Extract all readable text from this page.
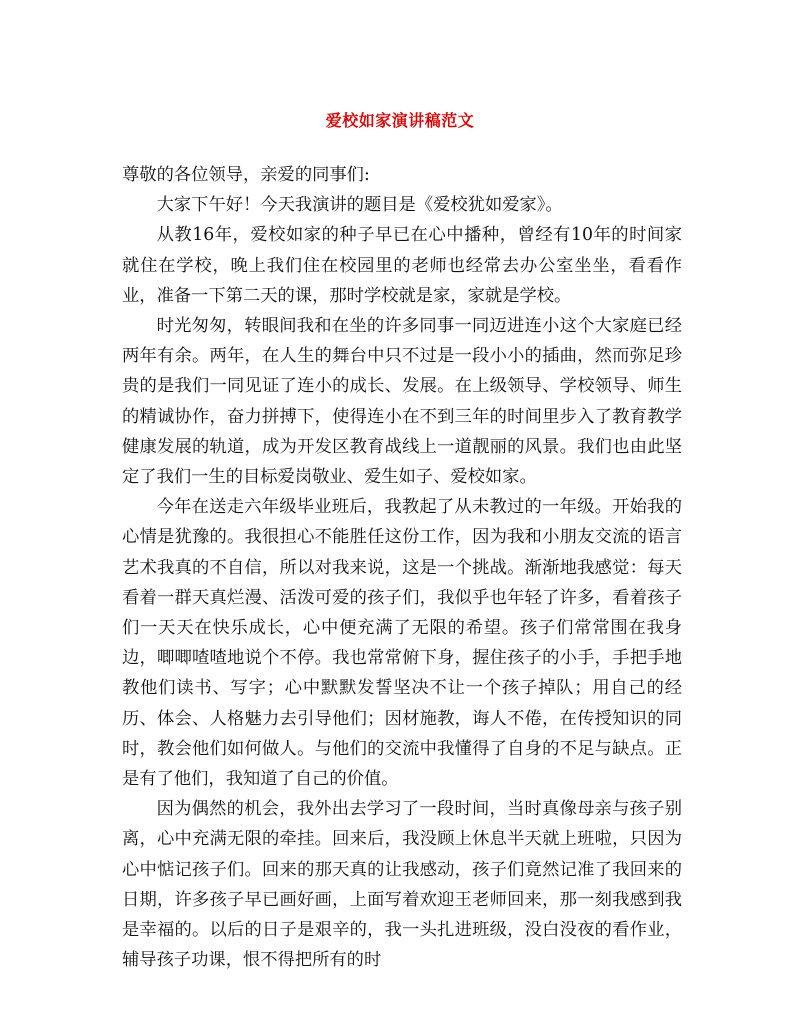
爱校如家演讲稿范文

尊敬的各位领导，亲爱的同事们:

大家下午好！今天我演讲的题目是《爱校犹如爱家》。

从教16年，爱校如家的种子早已在心中播种，曾经有10年的时间家就住在学校，晚上我们住在校园里的老师也经常去办公室坐坐，看看作业，准备一下第二天的课，那时学校就是家，家就是学校。

时光匆匆，转眼间我和在坐的许多同事一同迈进连小这个大家庭已经两年有余。两年，在人生的舞台中只不过是一段小小的插曲，然而弥足珍贵的是我们一同见证了连小的成长、发展。在上级领导、学校领导、师生的精诚协作，奋力拼搏下，使得连小在不到三年的时间里步入了教育教学健康发展的轨道，成为开发区教育战线上一道靓丽的风景。我们也由此坚定了我们一生的目标爱岗敬业、爱生如子、爱校如家。

今年在送走六年级毕业班后，我教起了从未教过的一年级。开始我的心情是犹豫的。我很担心不能胜任这份工作，因为我和小朋友交流的语言艺术我真的不自信，所以对我来说，这是一个挑战。渐渐地我感觉：每天看着一群天真烂漫、活泼可爱的孩子们，我似乎也年轻了许多，看着孩子们一天天在快乐成长，心中便充满了无限的希望。孩子们常常围在我身边，唧唧喳喳地说个不停。我也常常俯下身，握住孩子的小手，手把手地教他们读书、写字；心中默默发誓坚决不让一个孩子掉队；用自己的经历、体会、人格魅力去引导他们；因材施教，诲人不倦，在传授知识的同时，教会他们如何做人。与他们的交流中我懂得了自身的不足与缺点。正是有了他们，我知道了自己的价值。

因为偶然的机会，我外出去学习了一段时间，当时真像母亲与孩子别离，心中充满无限的牵挂。回来后，我没顾上休息半天就上班啦，只因为心中惦记孩子们。回来的那天真的让我感动，孩子们竟然记准了我回来的日期，许多孩子早已画好画，上面写着欢迎王老师回来，那一刻我感到我是幸福的。以后的日子是艰辛的，我一头扎进班级，没白没夜的看作业，辅导孩子功课，恨不得把所有的时
